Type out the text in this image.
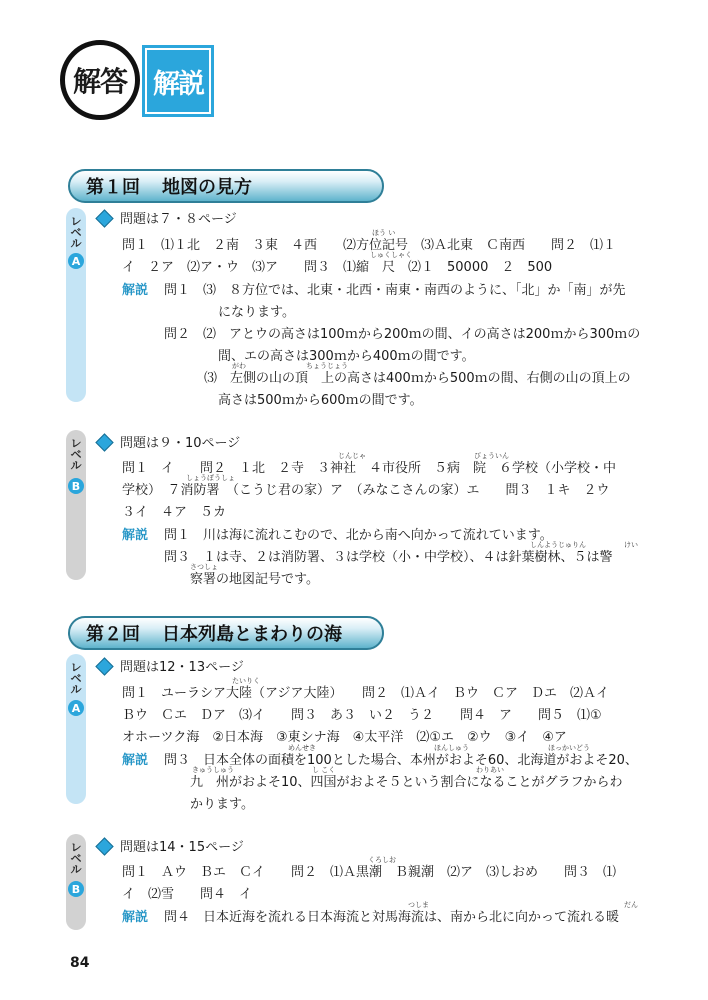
解答 解説
第１回 地図の見方
レベル
A
問題は７・８ページ
ほう い
問１　⑴１北　２南　３東　４西　　⑵方位記号　⑶Ａ北東　Ｃ南西　　問２　⑴１
しゅくしゃく
イ　２ア　⑵ア・ウ　⑶ア　　問３　⑴縮　尺　⑵１　50000　２　500
解説 問１　⑶　８方位では、北東・北西・南東・南西のように、「北」か「南」が先
になります。
問２　⑵　アとウの高さは100ｍから200ｍの間、イの高さは200ｍから300ｍの
間、エの高さは300ｍから400ｍの間です。
がわ	ちょうじょう
⑶　左側の山の頂　上の高さは400ｍから500ｍの間、右側の山の頂上の
高さは500ｍから600ｍの間です。
レベル
B
問題は９・10ページ
じんじゃ	びょういん
問１　イ　　問２　１北　２寺　３神社　４市役所　５病　院　６学校（小学校・中
しょうぼうしょ
学校）　７消防署　（こうじ君の家）ア　（みなこさんの家）エ　　問３　１キ　２ウ
３イ　４ア　５カ
解説 問１　川は海に流れこむので、北から南へ向かって流れています。
しんようじゅりん	けい
問３　１は寺、２は消防署、３は学校（小・中学校）、４は針葉樹林、５は警
さつしょ
察署の地図記号です。
第２回 日本列島とまわりの海
レベル
A
問題は12・13ページ
たいりく
問１　ユーラシア大陸（アジア大陸）　　問２　⑴Ａイ　Ｂウ　Ｃア　Ｄエ　⑵Ａイ
Ｂウ　Ｃエ　Ｄア　⑶イ　　問３　あ３　い２　う２　　問４　ア　　問５　⑴①
オホーツク海　②日本海　③東シナ海　④太平洋　⑵①エ　②ウ　③イ　④ア
めんせき	ほんしゅう	ほっかいどう
解説 問３　日本全体の面積を100とした場合、本州がおよそ60、北海道がおよそ20、
きゅうしゅう	し こく	わりあい
九　州がおよそ10、四国がおよそ５という割合になることがグラフからわ
かります。
レベル
B
問題は14・15ページ
くろしお
問１　Ａウ　Ｂエ　Ｃイ　　問２　⑴Ａ黒潮　Ｂ親潮　⑵ア　⑶しおめ　　問３　⑴
イ　⑵雪　　問４　イ
つしま	だん
解説 問４　日本近海を流れる日本海流と対馬海流は、南から北に向かって流れる暖
84
